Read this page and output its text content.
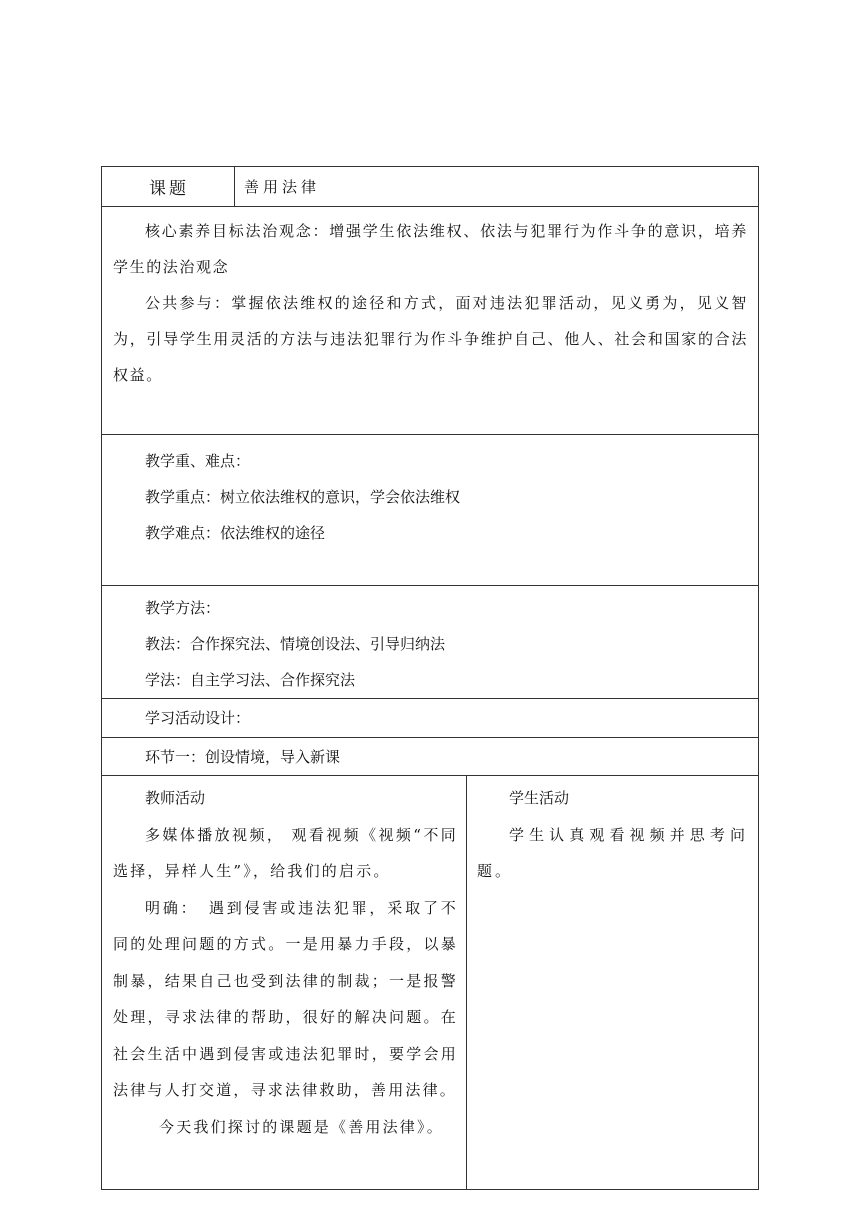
课题	善用法律

核心素养目标法治观念：增强学生依法维权、依法与犯罪行为作斗争的意识，培养学生的法治观念

公共参与：掌握依法维权的途径和方式，面对违法犯罪活动，见义勇为，见义智为，引导学生用灵活的方法与违法犯罪行为作斗争维护自己、他人、社会和国家的合法权益。

教学重、难点：

教学重点：树立依法维权的意识，学会依法维权

教学难点：依法维权的途径

教学方法：

教法：合作探究法、情境创设法、引导归纳法

学法：自主学习法、合作探究法

学习活动设计：

环节一：创设情境，导入新课

教师活动

多媒体播放视频， 观看视频《视频“不同选择，异样人生”》，给我们的启示。

明确：　遇到侵害或违法犯罪，采取了不同的处理问题的方式。一是用暴力手段，以暴制暴，结果自己也受到法律的制裁；一是报警处理，寻求法律的帮助，很好的解决问题。在社会生活中遇到侵害或违法犯罪时，要学会用法律与人打交道，寻求法律救助，善用法律。

今天我们探讨的课题是《善用法律》。

学生活动

学生认真观看视频并思考问题。
